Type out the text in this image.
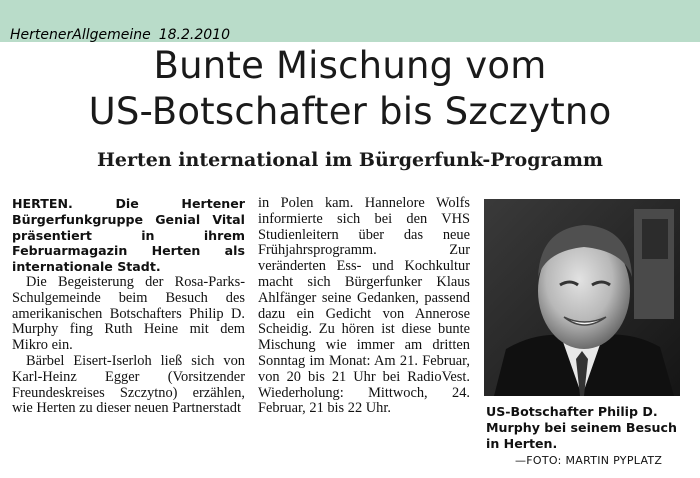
HertenerAllgemeine 18.2.2010
Bunte Mischung vom
US-Botschafter bis Szczytno
Herten international im Bürgerfunk-Programm

HERTEN.	Die Hertener Bürgerfunkgruppe Genial Vital präsentiert in ihrem Februarmagazin Herten als internationale Stadt.

Die Begeisterung der Rosa-Parks-Schulgemeinde beim Besuch des amerikanischen Botschafters Philip D. Murphy fing Ruth Heine mit dem Mikro ein.

Bärbel Eisert-Iserloh ließ sich von Karl-Heinz Egger (Vorsitzender Freundeskreises Szczytno) erzählen, wie Herten zu dieser neuen Partnerstadt

in Polen kam. Hannelore Wolfs informierte sich bei den VHS Studienleitern über das neue Frühjahrsprogramm. Zur veränderten Ess- und Kochkultur macht sich Bürgerfunker Klaus Ahlfänger seine Gedanken, passend dazu ein Gedicht von Annerose Scheidig. Zu hören ist diese bunte Mischung wie immer am dritten Sonntag im Monat: Am 21. Februar, von 20 bis 21 Uhr bei RadioVest. Wiederholung: Mittwoch, 24. Februar, 21 bis 22 Uhr.	US-Botschafter Philip D. Murphy bei seinem Besuch in Herten.

—FOTO: MARTIN PYPLATZ
